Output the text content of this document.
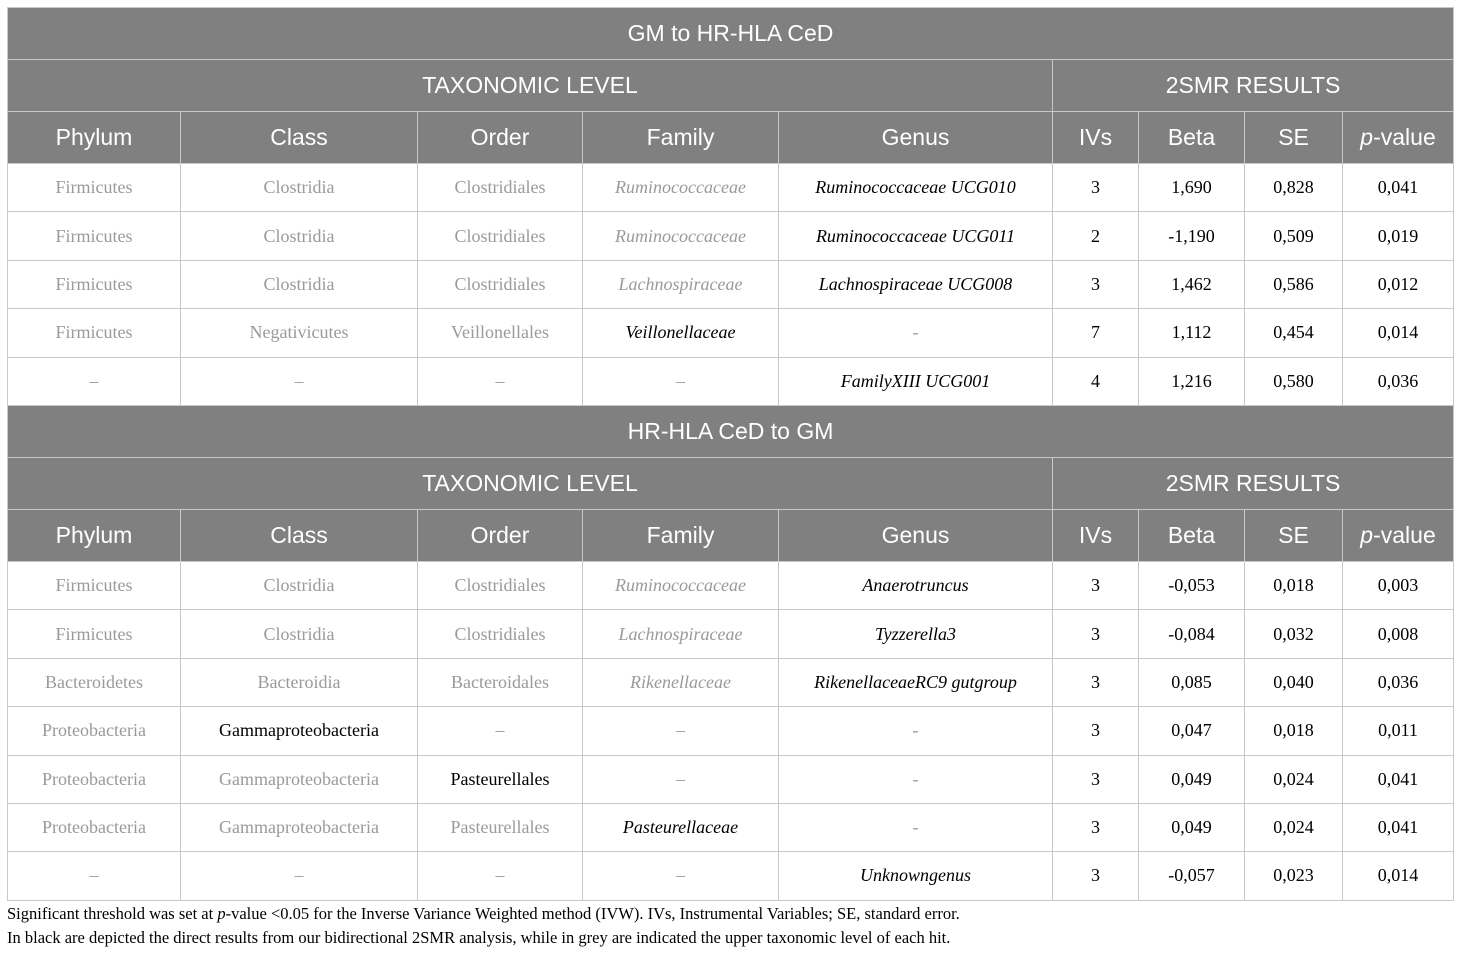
GM to HR-HLA CeD								
TAXONOMIC LEVEL					2SMR RESULTS			
Phylum	Class	Order	Family	Genus	IVs	Beta	SE	p-value
Firmicutes	Clostridia	Clostridiales	Ruminococcaceae	Ruminococcaceae UCG010	3	1,690	0,828	0,041
Firmicutes	Clostridia	Clostridiales	Ruminococcaceae	Ruminococcaceae UCG011	2	-1,190	0,509	0,019
Firmicutes	Clostridia	Clostridiales	Lachnospiraceae	Lachnospiraceae UCG008	3	1,462	0,586	0,012
Firmicutes	Negativicutes	Veillonellales	Veillonellaceae	-	7	1,112	0,454	0,014
–	–	–	–	FamilyXIII UCG001	4	1,216	0,580	0,036
HR-HLA CeD to GM								
TAXONOMIC LEVEL					2SMR RESULTS			
Phylum	Class	Order	Family	Genus	IVs	Beta	SE	p-value
Firmicutes	Clostridia	Clostridiales	Ruminococcaceae	Anaerotruncus	3	-0,053	0,018	0,003
Firmicutes	Clostridia	Clostridiales	Lachnospiraceae	Tyzzerella3	3	-0,084	0,032	0,008
Bacteroidetes	Bacteroidia	Bacteroidales	Rikenellaceae	RikenellaceaeRC9 gutgroup	3	0,085	0,040	0,036
Proteobacteria	Gammaproteobacteria	–	–	-	3	0,047	0,018	0,011
Proteobacteria	Gammaproteobacteria	Pasteurellales	–	-	3	0,049	0,024	0,041
Proteobacteria	Gammaproteobacteria	Pasteurellales	Pasteurellaceae	-	3	0,049	0,024	0,041
–	–	–	–	Unknowngenus	3	-0,057	0,023	0,014
Significant threshold was set at p-value <0.05 for the Inverse Variance Weighted method (IVW). IVs, Instrumental Variables; SE, standard error.
In black are depicted the direct results from our bidirectional 2SMR analysis, while in grey are indicated the upper taxonomic level of each hit.
